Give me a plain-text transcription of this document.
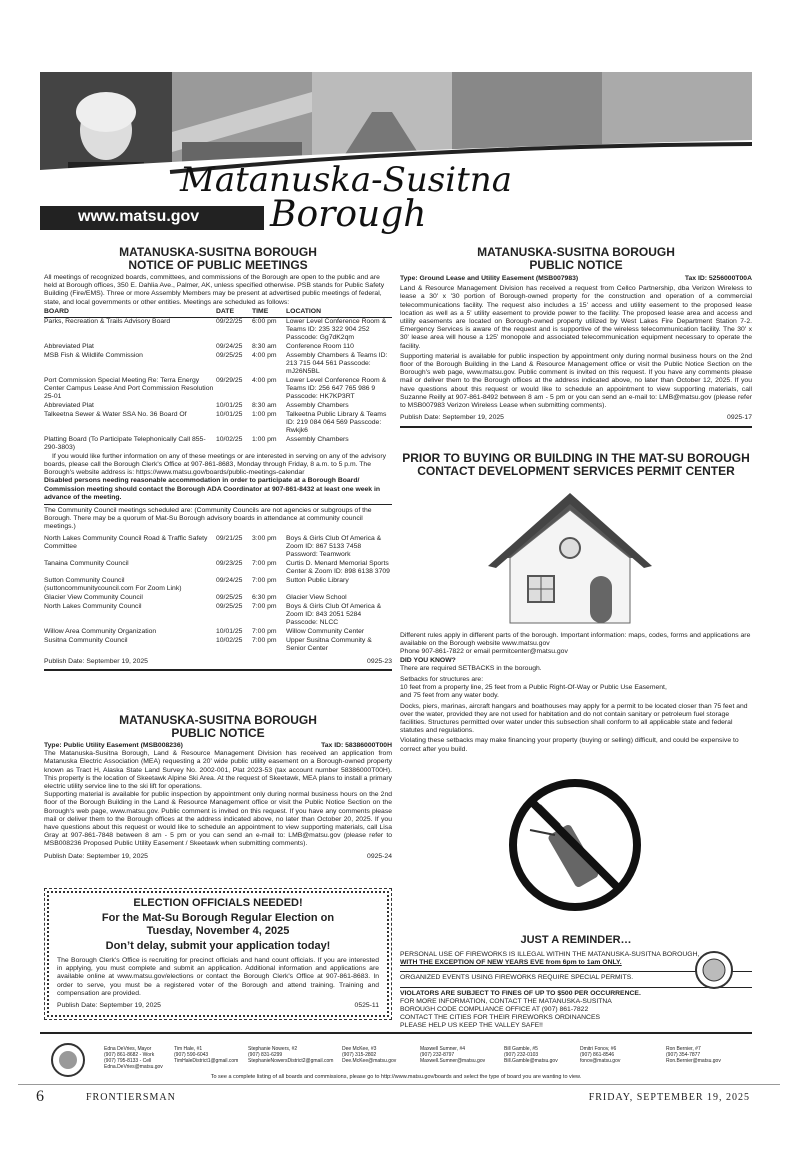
Matanuska-Susitna
Borough
www.matsu.gov
MATANUSKA-SUSITNA BOROUGH
NOTICE OF PUBLIC MEETINGS
All meetings of recognized boards, committees, and commissions of the Borough are open to the public and are held at Borough offices, 350 E. Dahlia Ave., Palmer, AK, unless specified otherwise. PSB stands for Public Safety Building (Fire/EMS). Three or more Assembly Members may be present at advertised public meetings of federal, state, and local governments or other entities. Meetings are scheduled as follows:
BOARD	DATE	TIME	LOCATION
Parks, Recreation & Trails Advisory Board	09/22/25	6:00 pm	Lower Level Conference Room & Teams ID: 235 322 904 252 Passcode: Gg7dK2qm
Abbreviated Plat	09/24/25	8:30 am	Conference Room 110
MSB Fish & Wildlife Commission	09/25/25	4:00 pm	Assembly Chambers & Teams ID: 213 715 044 561 Passcode: mJ26N5BL
Port Commission Special Meeting Re: Terra Energy Center Campus Lease And Port Commission Resolution 25-01	09/29/25	4:00 pm	Lower Level Conference Room & Teams ID: 256 647 765 986 9 Passcode: HK7KP3RT
Abbreviated Plat	10/01/25	8:30 am	Assembly Chambers
Talkeetna Sewer & Water SSA No. 36 Board Of	10/01/25	1:00 pm	Talkeetna Public Library & Teams ID: 219 084 064 569 Passcode: Rwkjk6
Platting Board (To Participate Telephonically Call 855-290-3803)	10/02/25	1:00 pm	Assembly Chambers
If you would like further information on any of these meetings or are interested in serving on any of the advisory boards, please call the Borough Clerk's Office at 907-861-8683, Monday through Friday, 8 a.m. to 5 p.m. The Borough's website address is: https://www.matsu.gov/boards/public-meetings-calendar
Disabled persons needing reasonable accommodation in order to participate at a Borough Board/ Commission meeting should contact the Borough ADA Coordinator at 907-861-8432 at least one week in advance of the meeting.
The Community Council meetings scheduled are: (Community Councils are not agencies or subgroups of the Borough. There may be a quorum of Mat-Su Borough advisory boards in attendance at community council meetings.)
North Lakes Community Council Road & Traffic Safety Committee	09/21/25	3:00 pm	Boys & Girls Club Of America & Zoom ID: 867 5133 7458 Password: Teamwork
Tanaina Community Council	09/23/25	7:00 pm	Curtis D. Menard Memorial Sports Center & Zoom ID: 898 6138 3709
Sutton Community Council (suttoncommunitycouncil.com For Zoom Link)	09/24/25	7:00 pm	Sutton Public Library
Glacier View Community Council	09/25/25	6:30 pm	Glacier View School
North Lakes Community Council	09/25/25	7:00 pm	Boys & Girls Club Of America & Zoom ID: 843 2051 5284 Passcode: NLCC
Willow Area Community Organization	10/01/25	7:00 pm	Willow Community Center
Susitna Community Council	10/02/25	7:00 pm	Upper Susitna Community & Senior Center
Publish Date: September 19, 2025	0925-23
MATANUSKA-SUSITNA BOROUGH
PUBLIC NOTICE
Type: Public Utility Easement (MSB008236)	Tax ID: 58386000T00H
The Matanuska-Susitna Borough, Land & Resource Management Division has received an application from Matanuska Electric Association (MEA) requesting a 20' wide public utility easement on a Borough-owned property known as Tract H, Alaska State Land Survey No. 2002-001, Plat 2023-53 (tax account number 58386000T00H). This property is the location of Skeetawk Alpine Ski Area. At the request of Skeetawk, MEA plans to install a primary electric utility service line to the ski lift for operations.
Supporting material is available for public inspection by appointment only during normal business hours on the 2nd floor of the Borough Building in the Land & Resource Management office or visit the Public Notice Section on the Borough's web page, www.matsu.gov. Public comment is invited on this request. If you have any comments please mail or deliver them to the Borough offices at the address indicated above, no later than October 20, 2025. If you have questions about this request or would like to schedule an appointment to view supporting materials, call Lisa Gray at 907-861-7848 between 8 am - 5 pm or you can send an e-mail to: LMB@matsu.gov (please refer to MSB008236 Proposed Public Utility Easement / Skeetawk when submitting comments).
Publish Date: September 19, 2025	0925-24
ELECTION OFFICIALS NEEDED!
For the Mat-Su Borough Regular Election on
Tuesday, November 4, 2025
Don’t delay, submit your application today!
The Borough Clerk's Office is recruiting for precinct officials and hand count officials. If you are interested in applying, you must complete and submit an application. Additional information and applications are available online at www.matsu.gov/elections or contact the Borough Clerk's Office at 907-861-8683. In order to serve, you must be a registered voter of the Borough and attend training. Training and compensation are provided.
Publish Date: September 19, 2025	0525-11
MATANUSKA-SUSITNA BOROUGH
PUBLIC NOTICE
Type: Ground Lease and Utility Easement (MSB007983)	Tax ID: 5256000T00A
Land & Resource Management Division has received a request from Cellco Partnership, dba Verizon Wireless to lease a 30' x '30 portion of Borough-owned property for the construction and operation of a commercial telecommunications facility. The request also includes a 15' access and utility easement to the proposed lease location as well as a 5' utility easement to provide power to the facility. The proposed lease area and access and utility easements are located on Borough-owned property utilized by West Lakes Fire Department Station 7-2. Emergency Services is aware of the request and is supportive of the wireless telecommunication facility. The 30' x 30' lease area will house a 125' monopole and associated telecommunication equipment necessary to operate the facility.
Supporting material is available for public inspection by appointment only during normal business hours on the 2nd floor of the Borough Building in the Land & Resource Management office or visit the Public Notice Section on the Borough's web page, www.matsu.gov. Public comment is invited on this request. If you have any comments please mail or deliver them to the Borough offices at the address indicated above, no later than October 12, 2025. If you have questions about this request or would like to schedule an appointment to view supporting materials, call Suzanne Reilly at 907-861-8492 between 8 am - 5 pm or you can send an e-mail to: LMB@matsu.gov (please refer to MSB007983 Verizon Wireless Lease when submitting comments).
Publish Date: September 19, 2025	0925-17
PRIOR TO BUYING OR BUILDING IN THE MAT-SU BOROUGH
CONTACT DEVELOPMENT SERVICES PERMIT CENTER
Different rules apply in different parts of the borough. Important information: maps, codes, forms and applications are available on the Borough website www.matsu.gov
Phone 907-861-7822 or email permitcenter@matsu.gov
DID YOU KNOW?
There are required SETBACKS in the borough.
Setbacks for structures are:
10 feet from a property line, 25 feet from a Public Right-Of-Way or Public Use Easement,
and 75 feet from any water body.
Docks, piers, marinas, aircraft hangars and boathouses may apply for a permit to be located closer than 75 feet and over the water, provided they are not used for habitation and do not contain sanitary or petroleum fuel storage facilities. Structures permitted over water under this subsection shall conform to all applicable state and federal statutes and regulations.
Violating these setbacks may make financing your property (buying or selling) difficult, and could be expensive to correct after you build.
JUST A REMINDER…
PERSONAL USE OF FIREWORKS IS ILLEGAL WITHIN THE MATANUSKA-SUSITNA BOROUGH,
WITH THE EXCEPTION OF NEW YEARS EVE from 6pm to 1am ONLY.
ORGANIZED EVENTS USING FIREWORKS REQUIRE SPECIAL PERMITS.
VIOLATORS ARE SUBJECT TO FINES OF UP TO $500 PER OCCURRENCE.
FOR MORE INFORMATION, CONTACT THE MATANUSKA-SUSITNA
BOROUGH CODE COMPLIANCE OFFICE AT (907) 861-7822
CONTACT THE CITIES FOR THEIR FIREWORKS ORDINANCES
PLEASE HELP US KEEP THE VALLEY SAFE!!
Edna DeVries, Mayor
(907) 861-8682 - Work
(907) 795-8133 - Cell
Edna.DeVries@matsu.gov
Tim Hale, #1
(907) 590-6043
TimHaleDistrict1@gmail.com
Stephanie Nowers, #2
(907) 831-6299
StephanieNowersDistrict2@gmail.com
Dee McKee, #3
(907) 315-2802
Dee.McKee@matsu.gov
Maxwell Sumner, #4
(907) 232-8797
Maxwell.Sumner@matsu.gov
Bill Gamble, #5
(907) 232-0103
Bill.Gamble@matsu.gov
Dmitri Fonov, #6
(907) 861-8546
fonov@matsu.gov
Ron Bernier, #7
(907) 354-7877
Ron.Bernier@matsu.gov
To see a complete listing of all boards and commissions, please go to http://www.matsu.gov/boards and select the type of board you are wanting to view.
6	FRONTIERSMAN	FRIDAY, SEPTEMBER 19, 2025
